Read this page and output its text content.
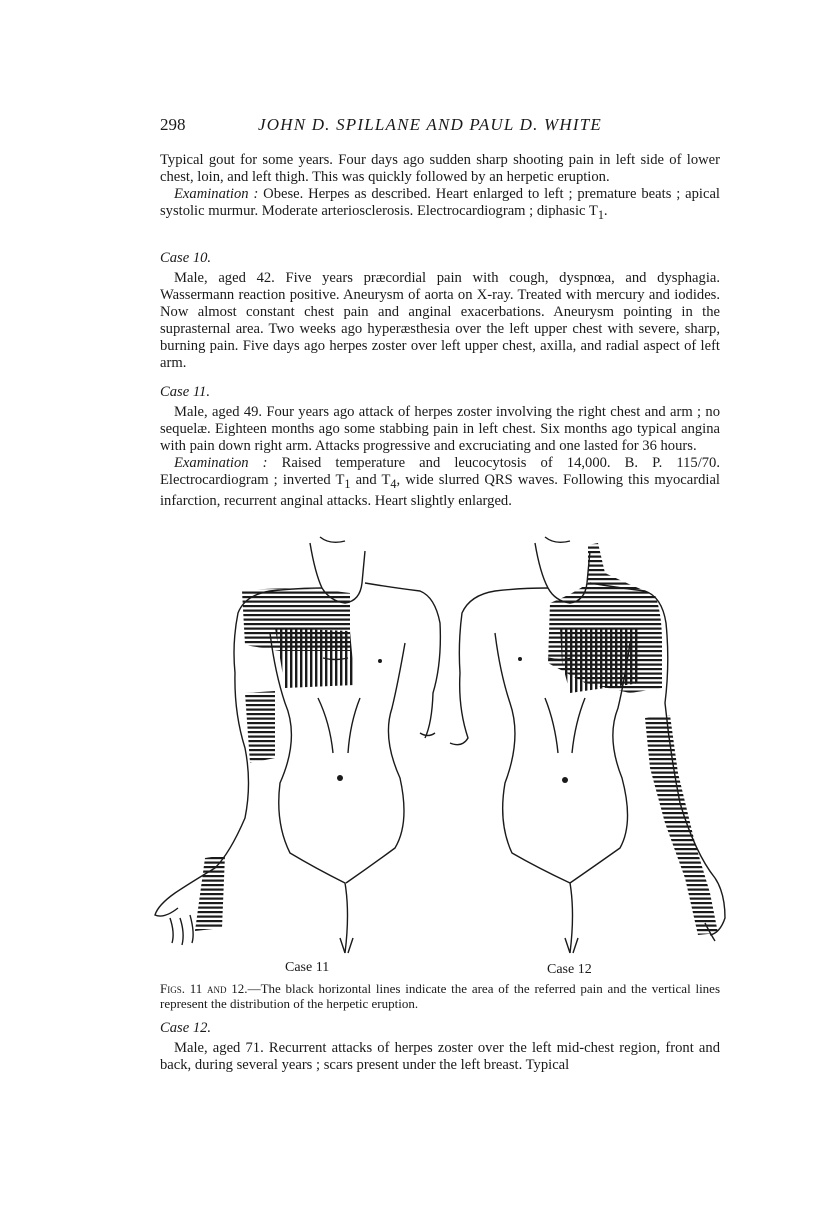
298	JOHN D. SPILLANE AND PAUL D. WHITE

Typical gout for some years. Four days ago sudden sharp shooting pain in left side of lower chest, loin, and left thigh. This was quickly followed by an herpetic eruption.

Examination : Obese. Herpes as described. Heart enlarged to left ; premature beats ; apical systolic murmur. Moderate arteriosclerosis. Electrocardiogram ; diphasic $T_1$.

Case 10.

Male, aged 42. Five years præcordial pain with cough, dyspnœa, and dysphagia. Wassermann reaction positive. Aneurysm of aorta on X-ray. Treated with mercury and iodides. Now almost constant chest pain and anginal exacerbations. Aneurysm pointing in the suprasternal area. Two weeks ago hyperæsthesia over the left upper chest with severe, sharp, burning pain. Five days ago herpes zoster over left upper chest, axilla, and radial aspect of left arm.

Case 11.

Male, aged 49. Four years ago attack of herpes zoster involving the right chest and arm ; no sequelæ. Eighteen months ago some stabbing pain in left chest. Six months ago typical angina with pain down right arm. Attacks progressive and excruciating and one lasted for 36 hours.

Examination : Raised temperature and leucocytosis of 14,000. B. P. 115/70. Electrocardiogram ; inverted $T_1$ and $T_4$, wide slurred QRS waves. Following this myocardial infarction, recurrent anginal attacks. Heart slightly enlarged.

Case 11	Case 12
Figs. 11 and 12.—The black horizontal lines indicate the area of the referred pain and the vertical lines represent the distribution of the herpetic eruption.
Case 12.

Male, aged 71. Recurrent attacks of herpes zoster over the left mid-chest region, front and back, during several years ; scars present under the left breast. Typical
